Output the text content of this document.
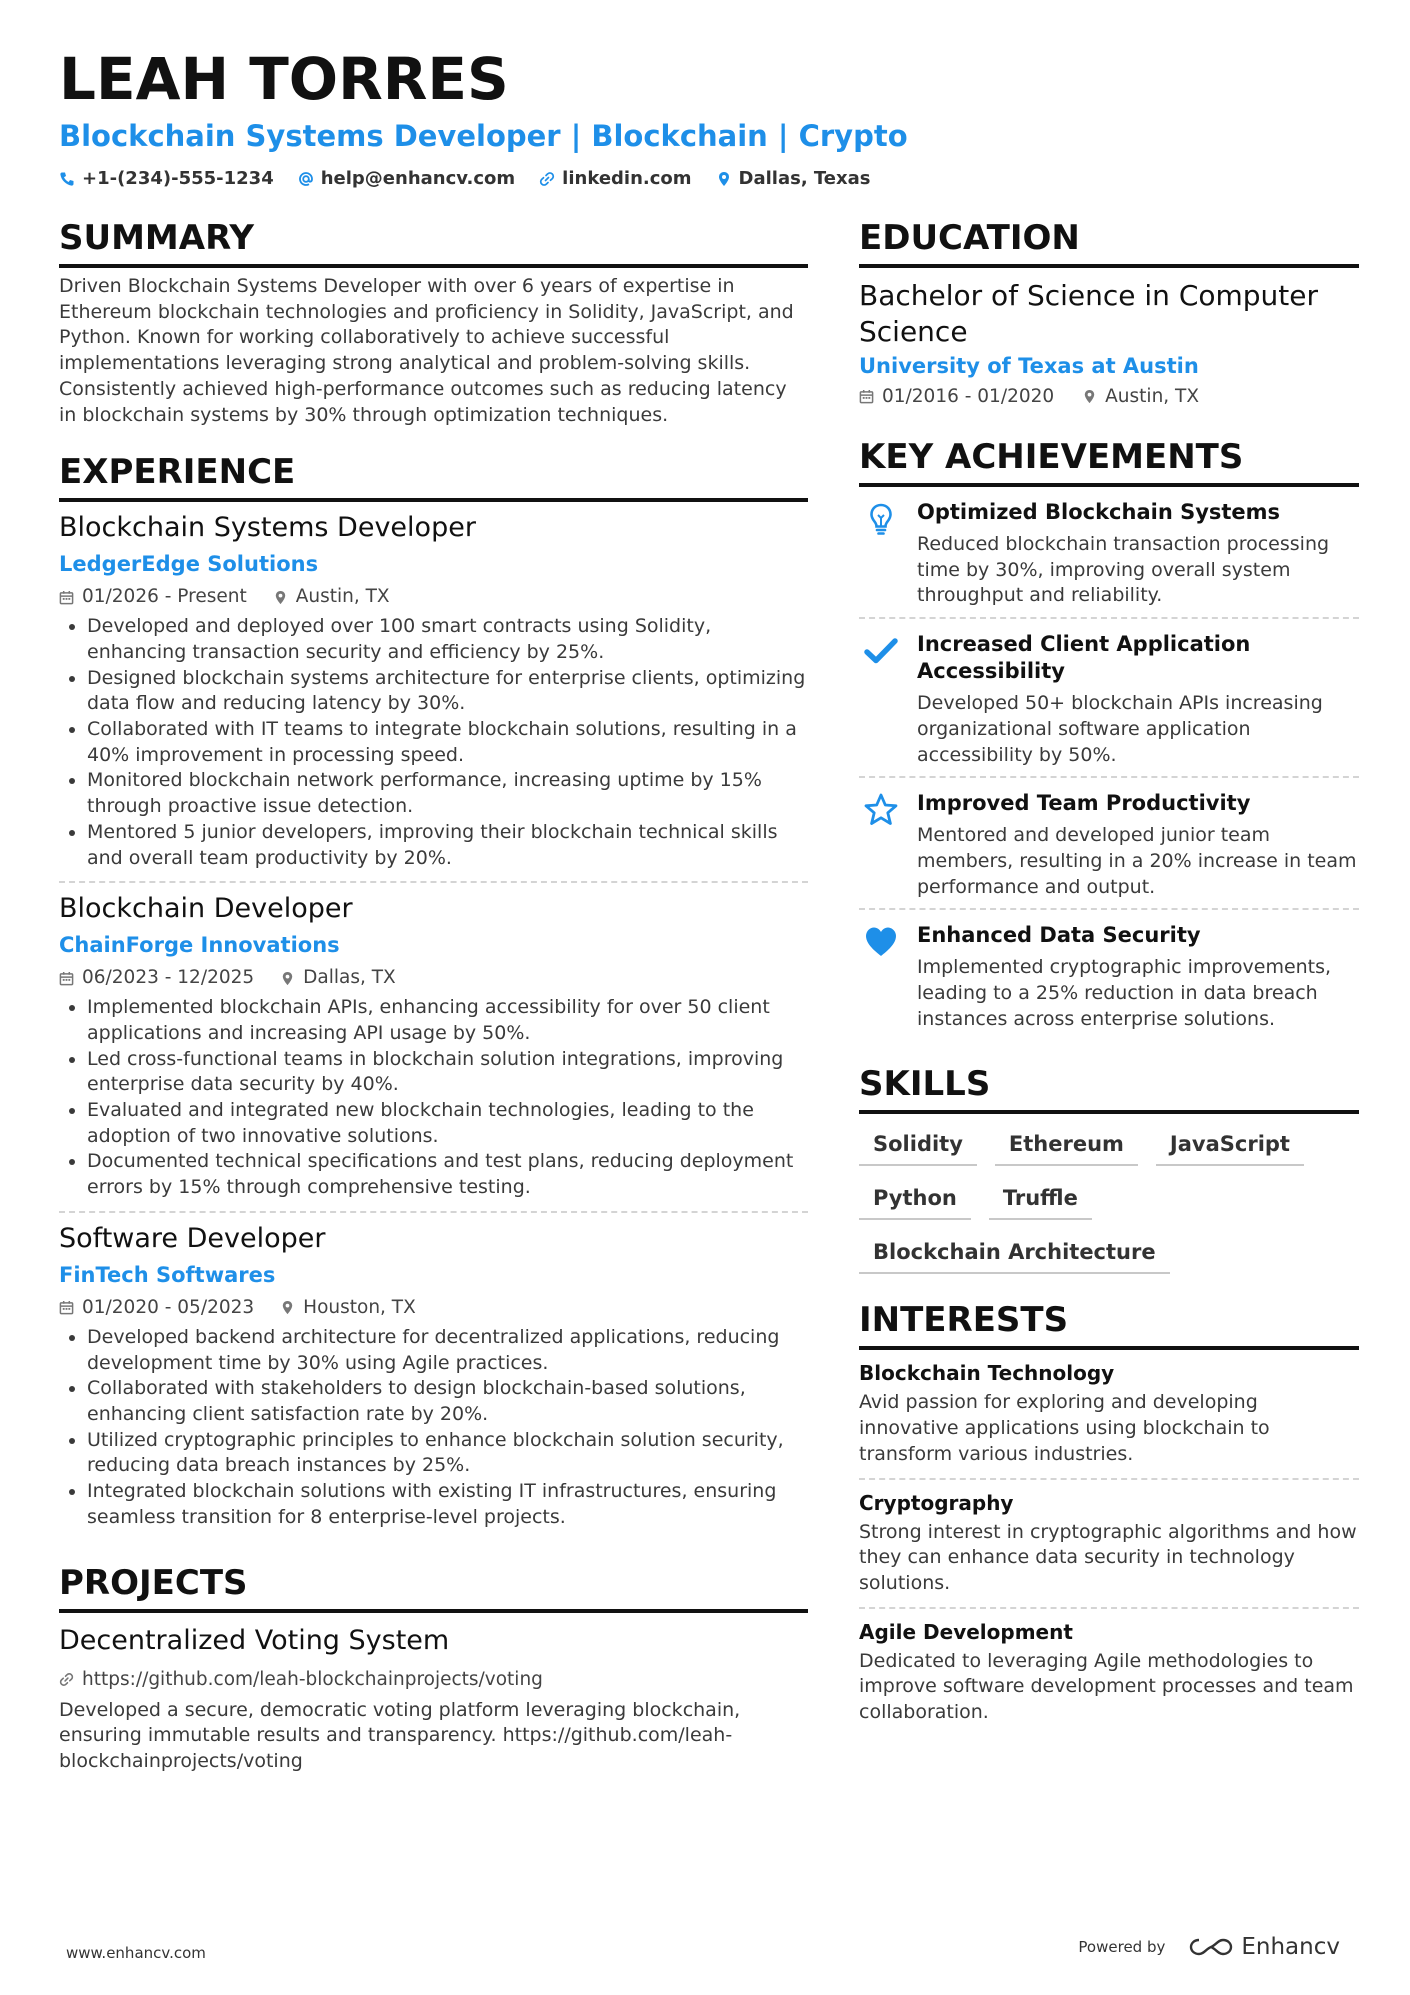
LEAH TORRES
Blockchain Systems Developer | Blockchain | Crypto
+1-(234)-555-1234	help@enhancv.com	linkedin.com	Dallas, Texas
SUMMARY
Driven Blockchain Systems Developer with over 6 years of expertise in Ethereum blockchain technologies and proficiency in Solidity, JavaScript, and Python. Known for working collaboratively to achieve successful implementations leveraging strong analytical and problem-solving skills. Consistently achieved high-performance outcomes such as reducing latency in blockchain systems by 30% through optimization techniques.
EXPERIENCE
Blockchain Systems Developer
LedgerEdge Solutions
01/2026 - Present	Austin, TX
• Developed and deployed over 100 smart contracts using Solidity, enhancing transaction security and efficiency by 25%.
• Designed blockchain systems architecture for enterprise clients, optimizing data flow and reducing latency by 30%.
• Collaborated with IT teams to integrate blockchain solutions, resulting in a 40% improvement in processing speed.
• Monitored blockchain network performance, increasing uptime by 15% through proactive issue detection.
• Mentored 5 junior developers, improving their blockchain technical skills and overall team productivity by 20%.
Blockchain Developer
ChainForge Innovations
06/2023 - 12/2025	Dallas, TX
• Implemented blockchain APIs, enhancing accessibility for over 50 client applications and increasing API usage by 50%.
• Led cross-functional teams in blockchain solution integrations, improving enterprise data security by 40%.
• Evaluated and integrated new blockchain technologies, leading to the adoption of two innovative solutions.
• Documented technical specifications and test plans, reducing deployment errors by 15% through comprehensive testing.
Software Developer
FinTech Softwares
01/2020 - 05/2023	Houston, TX
• Developed backend architecture for decentralized applications, reducing development time by 30% using Agile practices.
• Collaborated with stakeholders to design blockchain-based solutions, enhancing client satisfaction rate by 20%.
• Utilized cryptographic principles to enhance blockchain solution security, reducing data breach instances by 25%.
• Integrated blockchain solutions with existing IT infrastructures, ensuring seamless transition for 8 enterprise-level projects.
PROJECTS
Decentralized Voting System
https://github.com/leah-blockchainprojects/voting
Developed a secure, democratic voting platform leveraging blockchain, ensuring immutable results and transparency. https://github.com/leah-blockchainprojects/voting
EDUCATION
Bachelor of Science in Computer Science
University of Texas at Austin
01/2016 - 01/2020	Austin, TX
KEY ACHIEVEMENTS
Optimized Blockchain Systems
Reduced blockchain transaction processing time by 30%, improving overall system throughput and reliability.
Increased Client Application Accessibility
Developed 50+ blockchain APIs increasing organizational software application accessibility by 50%.
Improved Team Productivity
Mentored and developed junior team members, resulting in a 20% increase in team performance and output.
Enhanced Data Security
Implemented cryptographic improvements, leading to a 25% reduction in data breach instances across enterprise solutions.
SKILLS
Solidity	Ethereum	JavaScript
Python	Truffle
Blockchain Architecture
INTERESTS
Blockchain Technology
Avid passion for exploring and developing innovative applications using blockchain to transform various industries.
Cryptography
Strong interest in cryptographic algorithms and how they can enhance data security in technology solutions.
Agile Development
Dedicated to leveraging Agile methodologies to improve software development processes and team collaboration.
www.enhancv.com	Powered by	Enhancv
